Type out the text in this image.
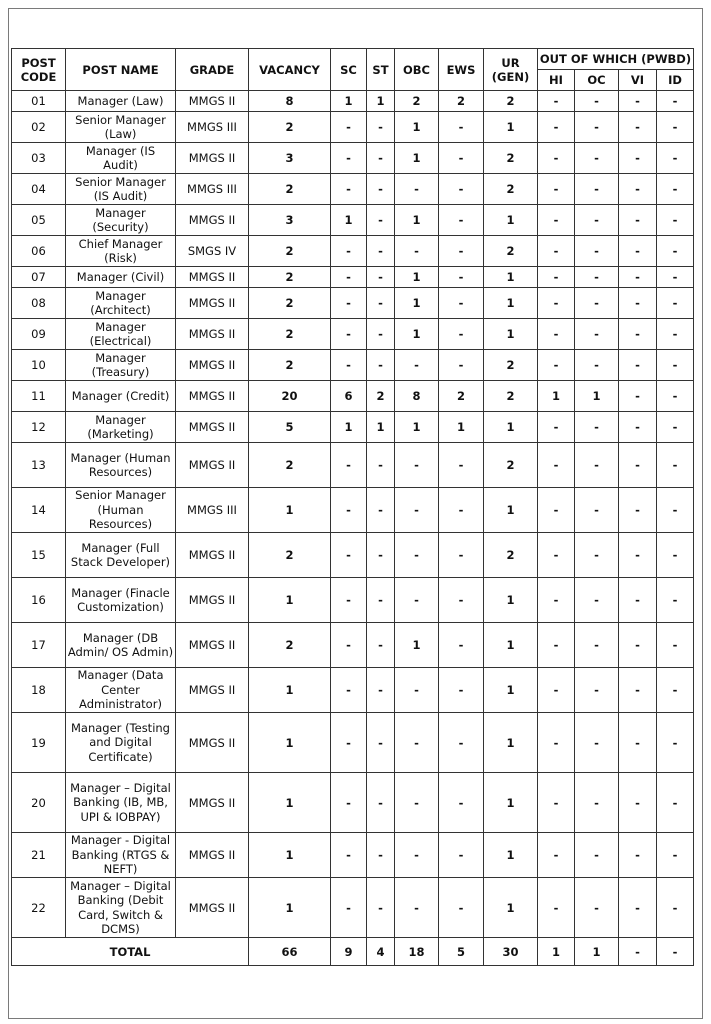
POST CODE	POST NAME	GRADE	VACANCY	SC	ST	OBC	EWS	UR (GEN)	OUT OF WHICH (PWBD)			
									HI	OC	VI	ID
01	Manager (Law)	MMGS II	8	1	1	2	2	2	-	-	-	-
02	Senior Manager (Law)	MMGS III	2	-	-	1	-	1	-	-	-	-
03	Manager (IS Audit)	MMGS II	3	-	-	1	-	2	-	-	-	-
04	Senior Manager (IS Audit)	MMGS III	2	-	-	-	-	2	-	-	-	-
05	Manager (Security)	MMGS II	3	1	-	1	-	1	-	-	-	-
06	Chief Manager (Risk)	SMGS IV	2	-	-	-	-	2	-	-	-	-
07	Manager (Civil)	MMGS II	2	-	-	1	-	1	-	-	-	-
08	Manager (Architect)	MMGS II	2	-	-	1	-	1	-	-	-	-
09	Manager (Electrical)	MMGS II	2	-	-	1	-	1	-	-	-	-
10	Manager (Treasury)	MMGS II	2	-	-	-	-	2	-	-	-	-
11	Manager (Credit)	MMGS II	20	6	2	8	2	2	1	1	-	-
12	Manager (Marketing)	MMGS II	5	1	1	1	1	1	-	-	-	-
13	Manager (Human Resources)	MMGS II	2	-	-	-	-	2	-	-	-	-
14	Senior Manager (Human Resources)	MMGS III	1	-	-	-	-	1	-	-	-	-
15	Manager (Full Stack Developer)	MMGS II	2	-	-	-	-	2	-	-	-	-
16	Manager (Finacle Customization)	MMGS II	1	-	-	-	-	1	-	-	-	-
17	Manager (DB Admin/ OS Admin)	MMGS II	2	-	-	1	-	1	-	-	-	-
18	Manager (Data Center Administrator)	MMGS II	1	-	-	-	-	1	-	-	-	-
19	Manager (Testing and Digital Certificate)	MMGS II	1	-	-	-	-	1	-	-	-	-
20	Manager – Digital Banking (IB, MB, UPI & IOBPAY)	MMGS II	1	-	-	-	-	1	-	-	-	-
21	Manager - Digital Banking (RTGS & NEFT)	MMGS II	1	-	-	-	-	1	-	-	-	-
22	Manager – Digital Banking (Debit Card, Switch & DCMS)	MMGS II	1	-	-	-	-	1	-	-	-	-
TOTAL			66	9	4	18	5	30	1	1	-	-
